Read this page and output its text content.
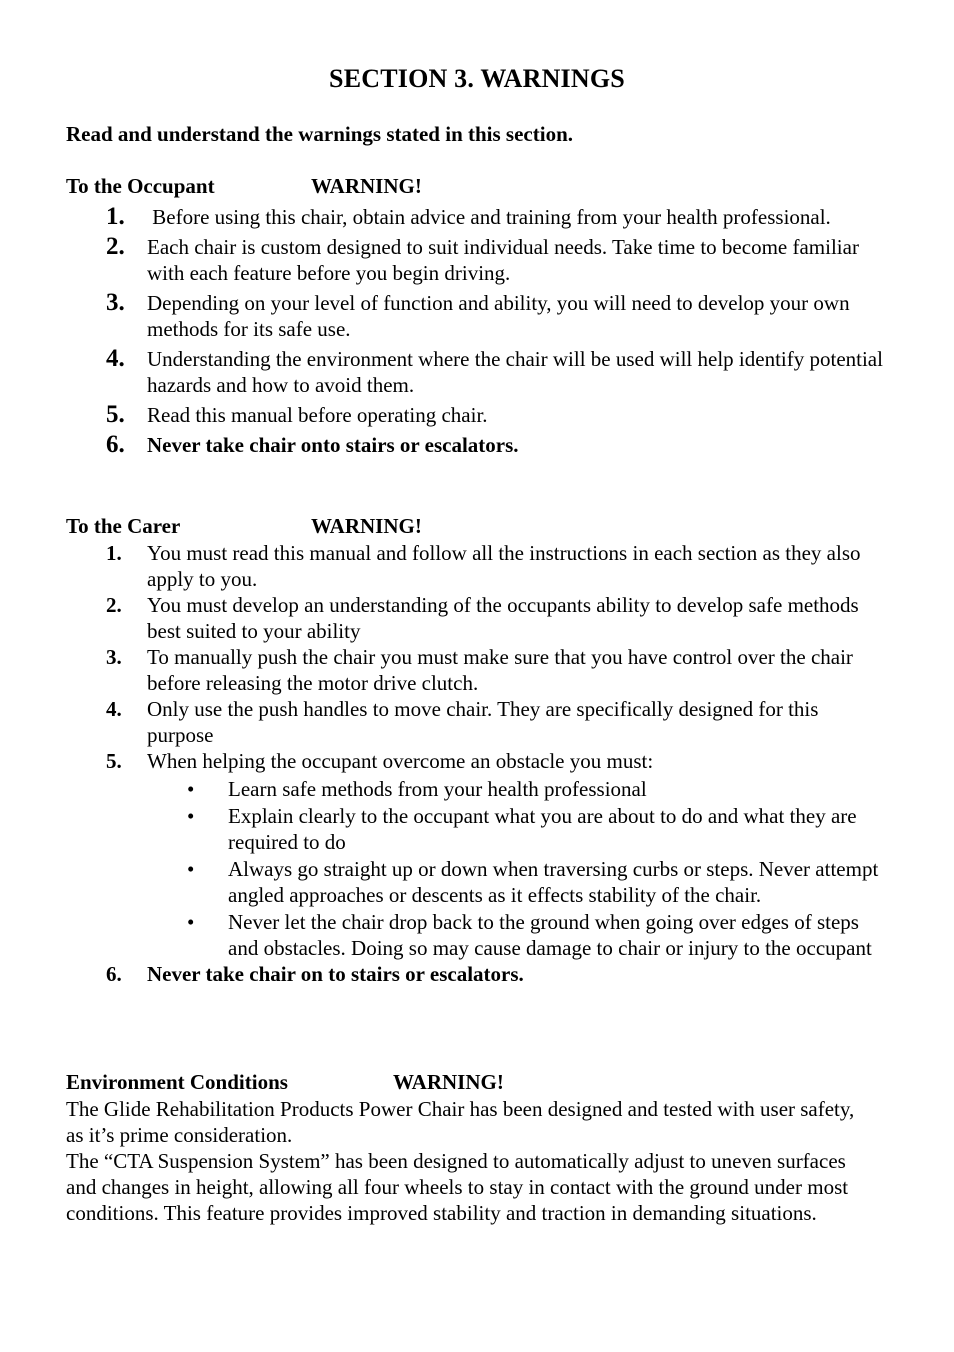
SECTION 3. WARNINGS
Read and understand the warnings stated in this section.
To the Occupant	WARNING!
1. Before using this chair, obtain advice and training from your health professional.
2. Each chair is custom designed to suit individual needs. Take time to become familiar with each feature before you begin driving.
3. Depending on your level of function and ability, you will need to develop your own methods for its safe use.
4. Understanding the environment where the chair will be used will help identify potential hazards and how to avoid them.
5. Read this manual before operating chair.
6. Never take chair onto stairs or escalators.
To the Carer	WARNING!
1. You must read this manual and follow all the instructions in each section as they also apply to you.
2. You must develop an understanding of the occupants ability to develop safe methods best suited to your ability
3. To manually push the chair you must make sure that you have control over the chair before releasing the motor drive clutch.
4. Only use the push handles to move chair. They are specifically designed for this purpose
5. When helping the occupant overcome an obstacle you must:
• Learn safe methods from your health professional
• Explain clearly to the occupant what you are about to do and what they are required to do
• Always go straight up or down when traversing curbs or steps. Never attempt angled approaches or descents as it effects stability of the chair.
• Never let the chair drop back to the ground when going over edges of steps and obstacles. Doing so may cause damage to chair or injury to the occupant
6. Never take chair on to stairs or escalators.
Environment Conditions	WARNING!

The Glide Rehabilitation Products Power Chair has been designed and tested with user safety, as it’s prime consideration.

The “CTA Suspension System” has been designed to automatically adjust to uneven surfaces and changes in height, allowing all four wheels to stay in contact with the ground under most conditions. This feature provides improved stability and traction in demanding situations.
